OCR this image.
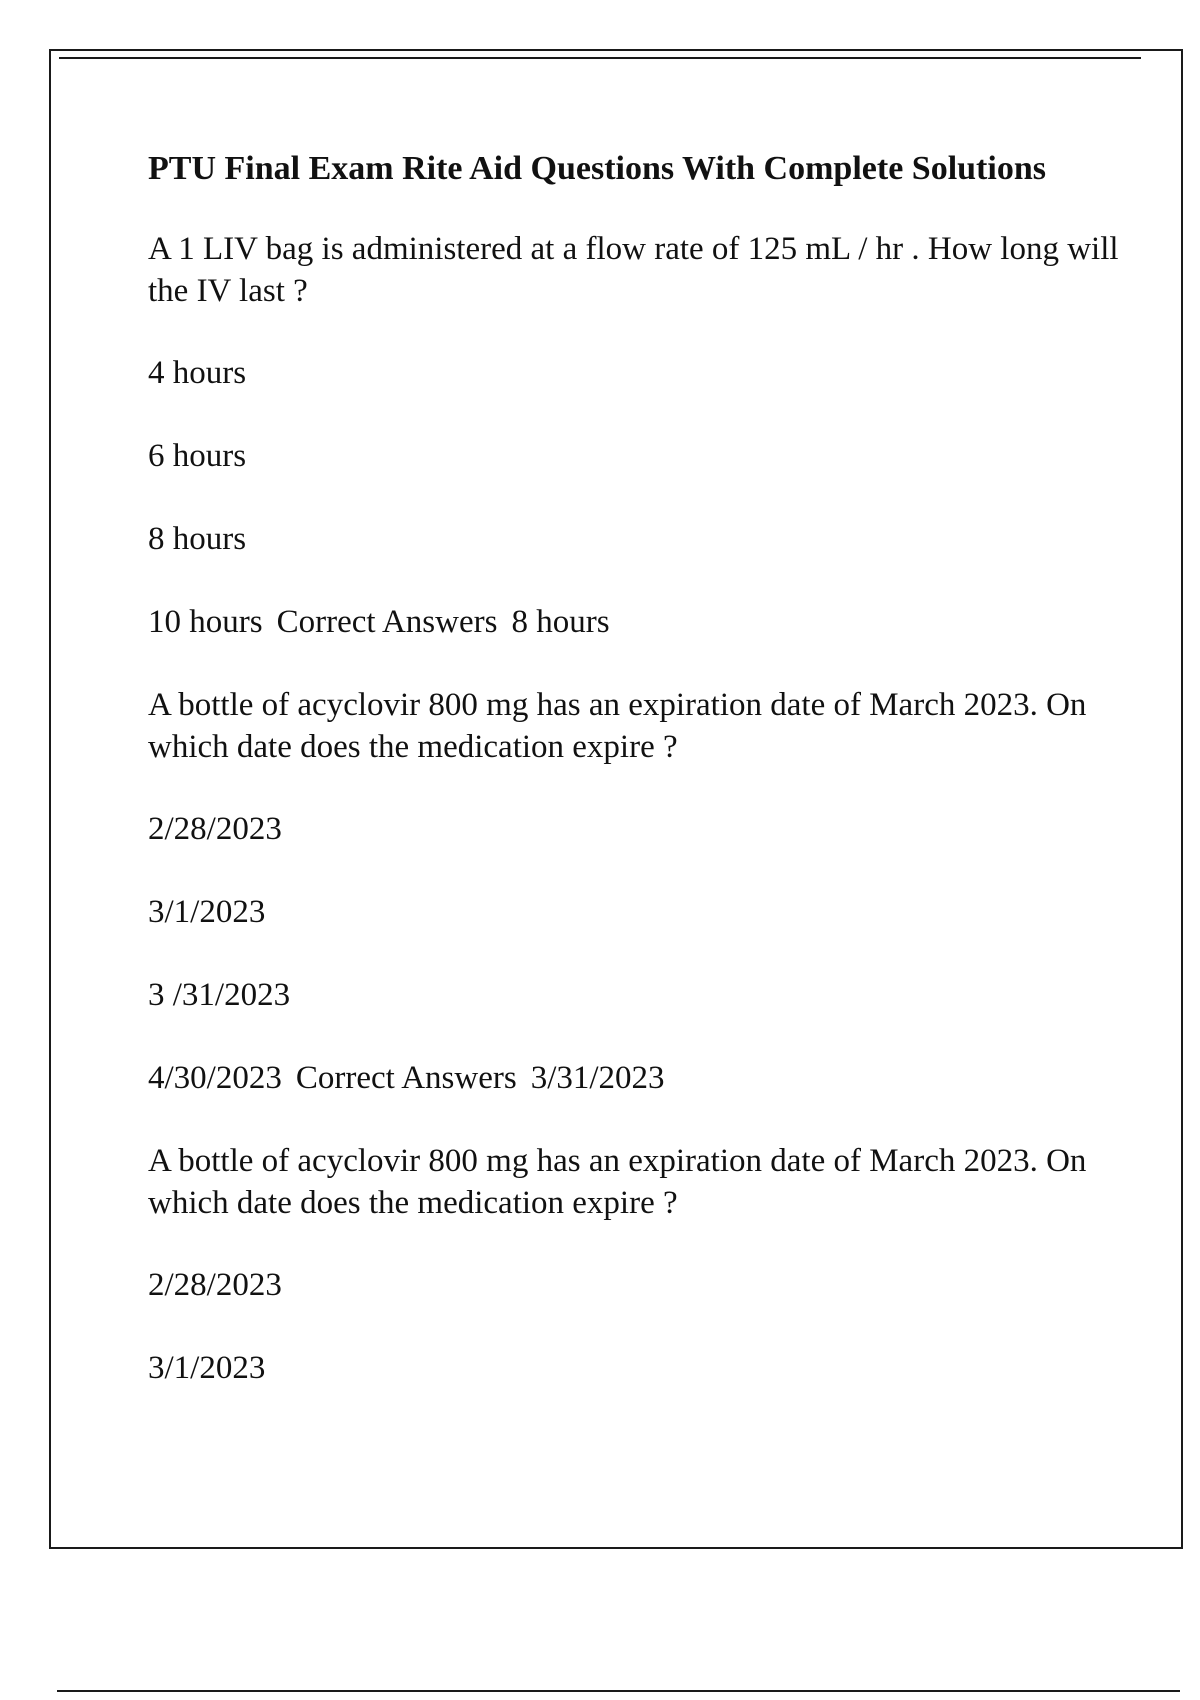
PTU Final Exam Rite Aid Questions With Complete Solutions
A 1 LIV bag is administered at a flow rate of 125 mL / hr . How long will the IV last ?
4 hours
6 hours
8 hours
10 hours Correct Answers 8 hours
A bottle of acyclovir 800 mg has an expiration date of March 2023. On which date does the medication expire ?
2/28/2023
3/1/2023
3 /31/2023
4/30/2023 Correct Answers 3/31/2023
A bottle of acyclovir 800 mg has an expiration date of March 2023. On which date does the medication expire ?
2/28/2023
3/1/2023
